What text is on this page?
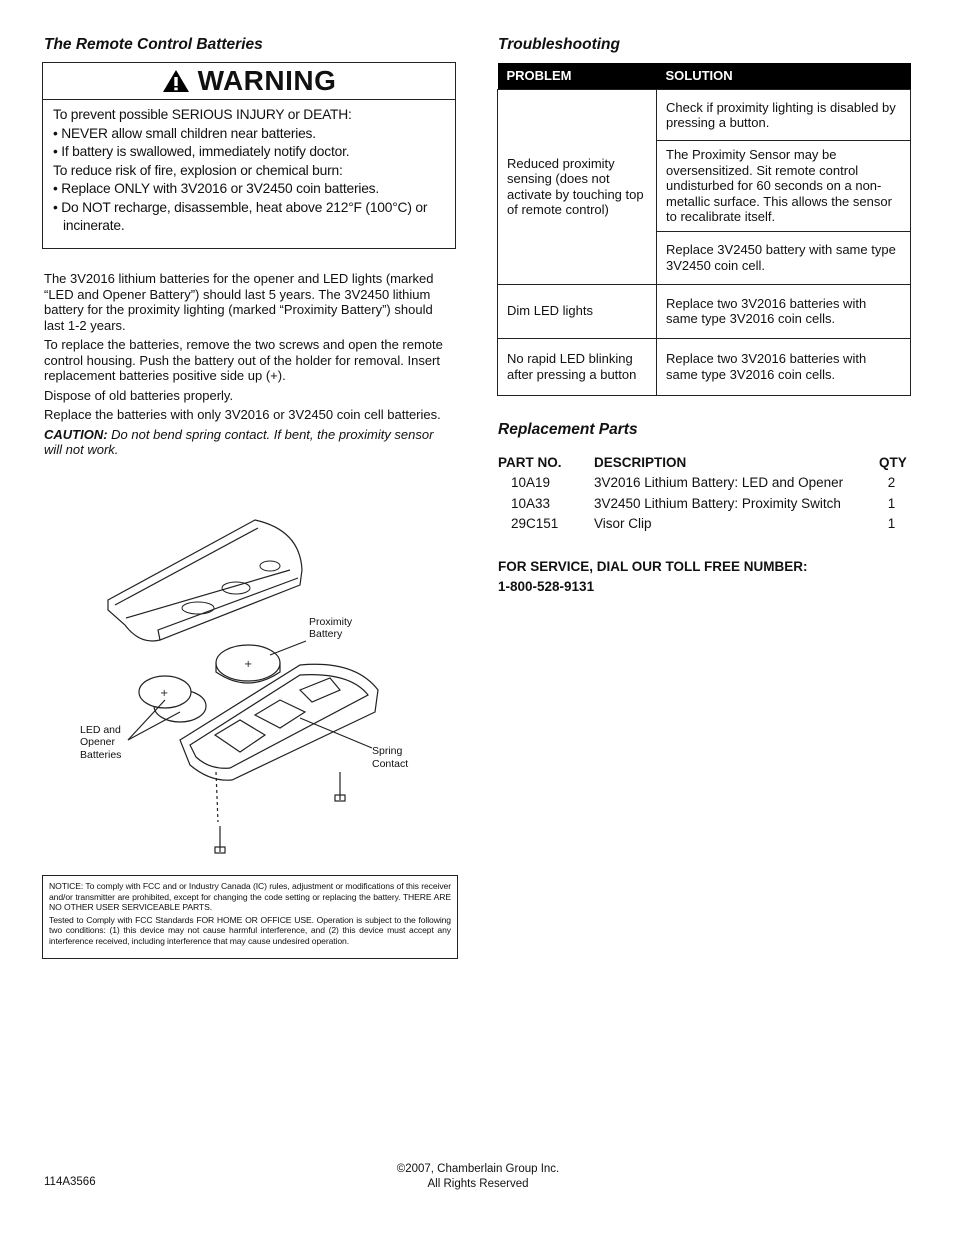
The Remote Control Batteries
WARNING

To prevent possible SERIOUS INJURY or DEATH:

• NEVER allow small children near batteries.

• If battery is swallowed, immediately notify doctor.

To reduce risk of fire, explosion or chemical burn:

• Replace ONLY with 3V2016 or 3V2450 coin batteries.

• Do NOT recharge, disassemble, heat above 212°F (100°C) or incinerate.

The 3V2016 lithium batteries for the opener and LED lights (marked “LED and Opener Battery”) should last 5 years. The 3V2450 lithium battery for the proximity lighting (marked “Proximity Battery”) should last 1-2 years.

To replace the batteries, remove the two screws and open the remote control housing. Push the battery out of the holder for removal. Insert replacement batteries positive side up (+).

Dispose of old batteries properly.

Replace the batteries with only 3V2016 or 3V2450 coin cell batteries.

CAUTION: Do not bend spring contact. If bent, the proximity sensor will not work.

+
+
Proximity
Battery
LED and
Opener
Batteries	Spring
Contact

NOTICE: To comply with FCC and or Industry Canada (IC) rules, adjustment or modifications of this receiver and/or transmitter are prohibited, except for changing the code setting or replacing the battery. THERE ARE NO OTHER USER SERVICEABLE PARTS.

Tested to Comply with FCC Standards FOR HOME OR OFFICE USE. Operation is subject to the following two conditions: (1) this device may not cause harmful interference, and (2) this device must accept any interference received, including interference that may cause undesired operation.

Troubleshooting
PROBLEM	SOLUTION
Reduced proximity sensing (does not activate by touching top of remote control)	Check if proximity lighting is disabled by pressing a button.
	The Proximity Sensor may be oversensitized. Sit remote control undisturbed for 60 seconds on a non-metallic surface. This allows the sensor to recalibrate itself.
	Replace 3V2450 battery with same type 3V2450 coin cell.
Dim LED lights	Replace two 3V2016 batteries with same type 3V2016 coin cells.
No rapid LED blinking after pressing a button	Replace two 3V2016 batteries with same type 3V2016 coin cells.
Replacement Parts
PART NO.	DESCRIPTION	QTY
10A19	3V2016 Lithium Battery: LED and Opener	2
10A33	3V2450 Lithium Battery: Proximity Switch	1
29C151	Visor Clip	1
FOR SERVICE, DIAL OUR TOLL FREE NUMBER:
1-800-528-9131
114A3566
©2007, Chamberlain Group Inc.
All Rights Reserved
